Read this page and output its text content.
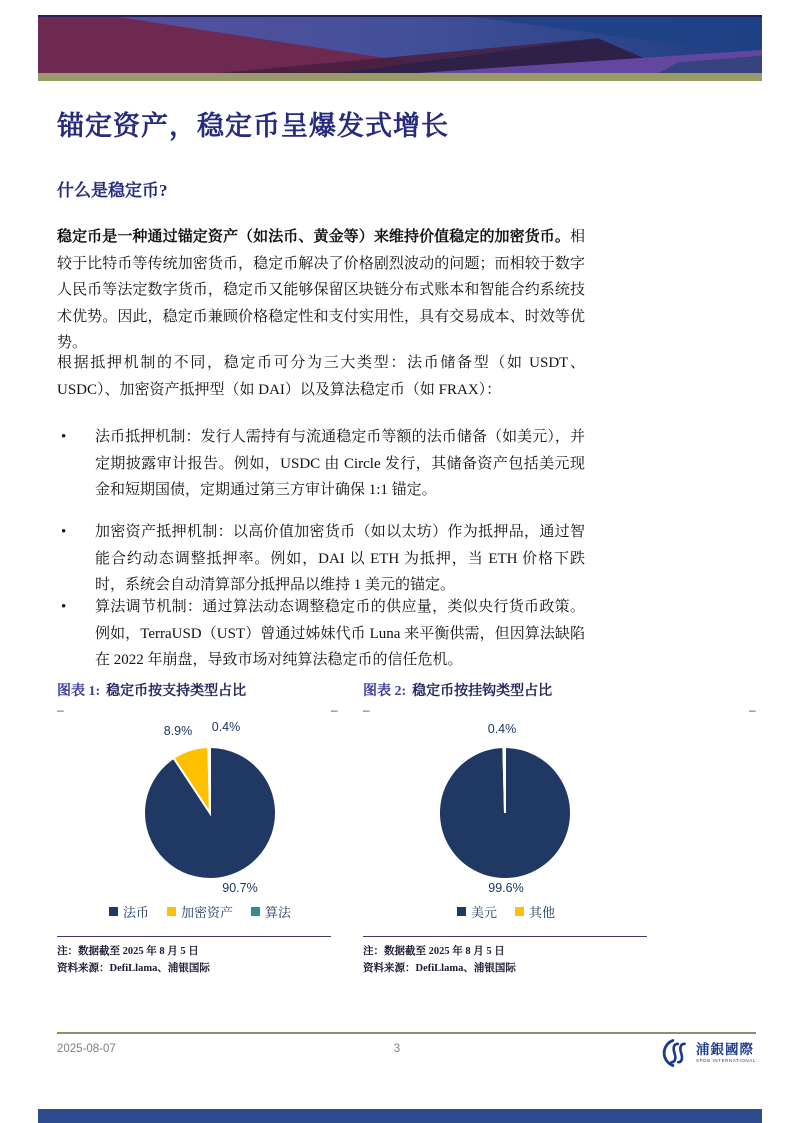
锚定资产，稳定币呈爆发式增长
什么是稳定币?

稳定币是一种通过锚定资产（如法币、黄金等）来维持价值稳定的加密货币。相较于比特币等传统加密货币，稳定币解决了价格剧烈波动的问题；而相较于数字人民币等法定数字货币，稳定币又能够保留区块链分布式账本和智能合约系统技术优势。因此，稳定币兼顾价格稳定性和支付实用性，具有交易成本、时效等优势。

根据抵押机制的不同，稳定币可分为三大类型：法币储备型（如 USDT、USDC）、加密资产抵押型（如 DAI）以及算法稳定币（如 FRAX）：

• 法币抵押机制：发行人需持有与流通稳定币等额的法币储备（如美元），并定期披露审计报告。例如，USDC 由 Circle 发行，其储备资产包括美元现金和短期国债，定期通过第三方审计确保 1:1 锚定。
• 加密资产抵押机制：以高价值加密货币（如以太坊）作为抵押品，通过智能合约动态调整抵押率。例如，DAI 以 ETH 为抵押，当 ETH 价格下跌时，系统会自动清算部分抵押品以维持 1 美元的锚定。
• 算法调节机制：通过算法动态调整稳定币的供应量，类似央行货币政策。例如，TerraUSD（UST）曾通过姊妹代币 Luna 来平衡供需，但因算法缺陷在 2022 年崩盘，导致市场对纯算法稳定币的信任危机。
–	– –	–
图表 1: 稳定币按支持类型占比
8.9% 0.4%
90.7%
法币 加密资产 算法
注：数据截至 2025 年 8 月 5 日
资料来源：DefiLlama、浦银国际
图表 2: 稳定币按挂钩类型占比
0.4%
99.6%
美元 其他
注：数据截至 2025 年 8 月 5 日
资料来源：DefiLlama、浦银国际
2025-08-07	3	浦銀國際
SPDB INTERNATIONAL
